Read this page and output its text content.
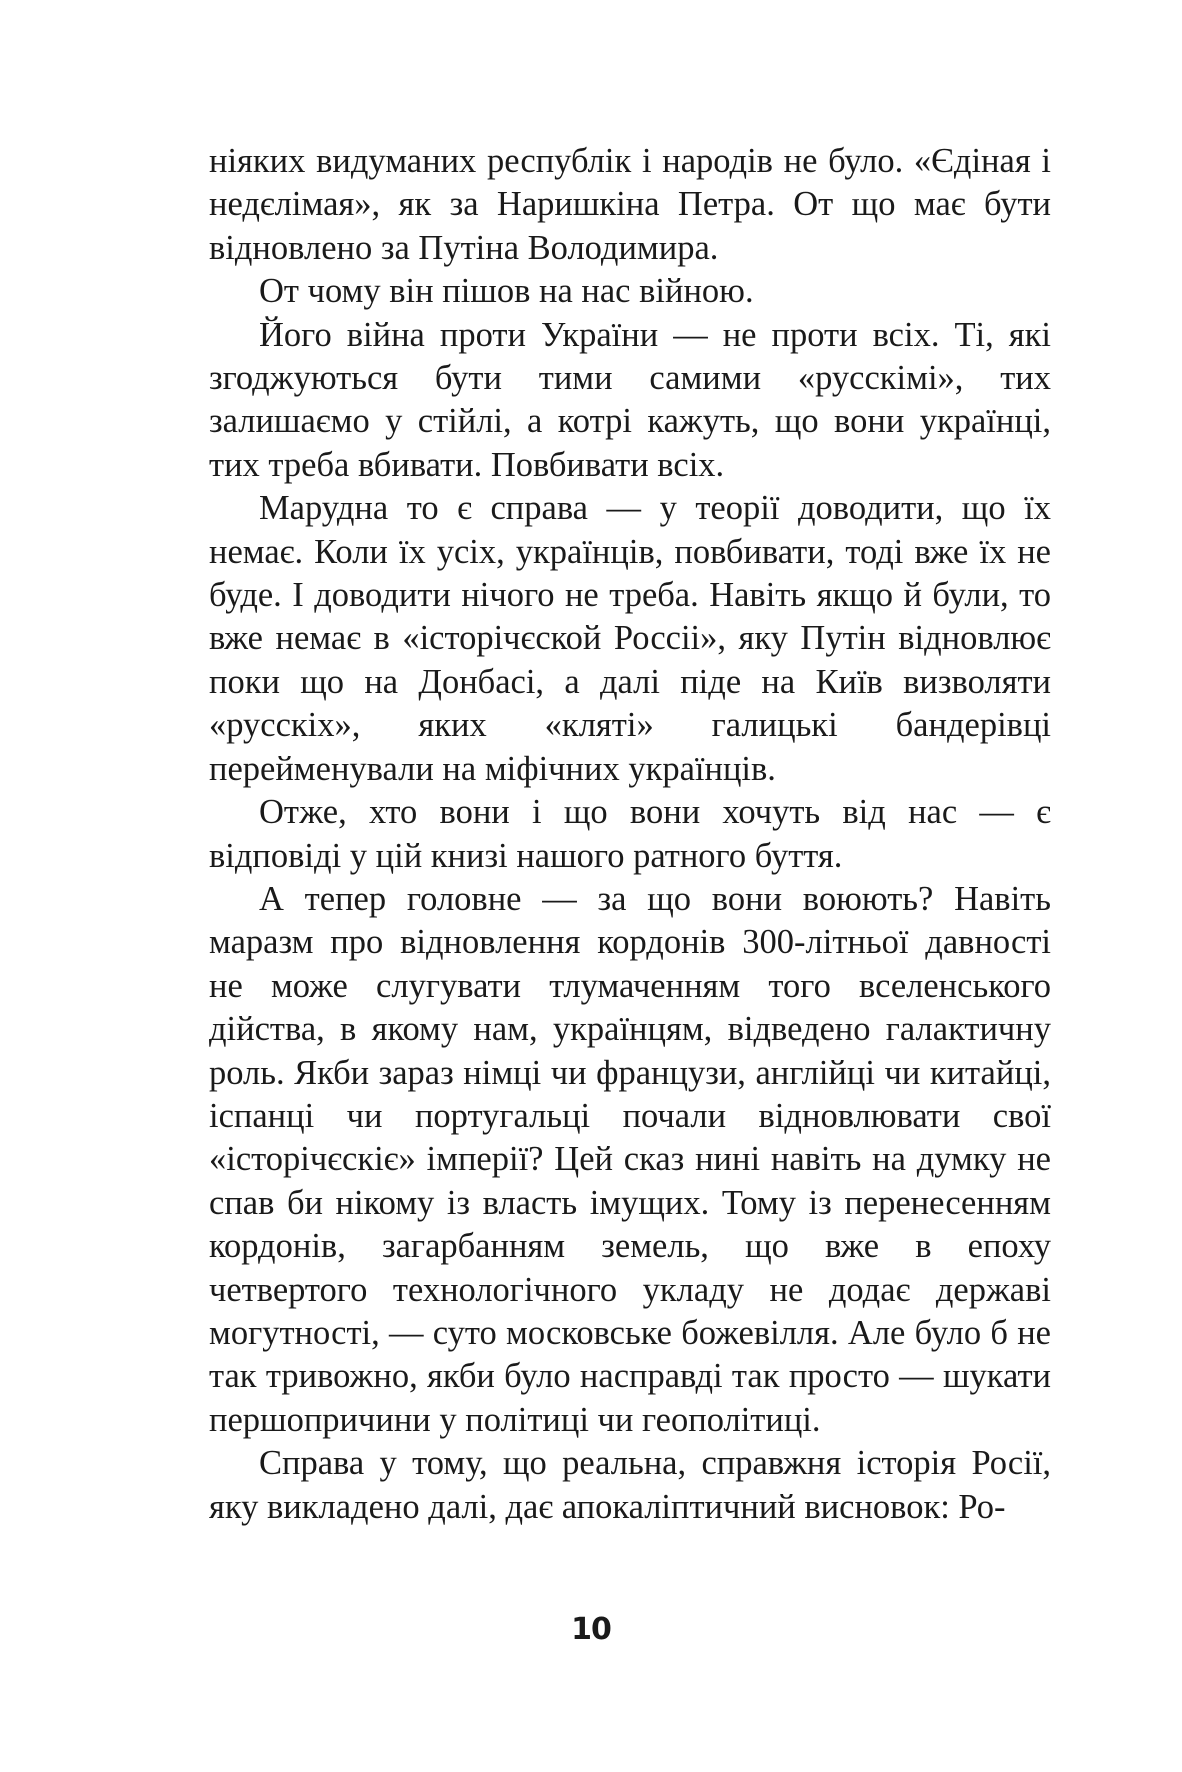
ніяких видуманих республік і народів не було. «Єдіная і недєлімая», як за Наришкіна Петра. От що має бути відновлено за Путіна Володимира.

От чому він пішов на нас війною.

Його війна проти України — не проти всіх. Ті, які згоджуються бути тими самими «русскімі», тих залишаємо у стійлі, а котрі кажуть, що вони українці, тих треба вбивати. Повбивати всіх.

Марудна то є справа — у теорії доводити, що їх немає. Коли їх усіх, українців, повбивати, тоді вже їх не буде. І доводити нічого не треба. Навіть якщо й були, то вже немає в «історічєской Россіі», яку Путін відновлює поки що на Донбасі, а далі піде на Київ визволяти «русскіх», яких «кляті» галицькі бандерівці перейменували на міфічних українців.

Отже, хто вони і що вони хочуть від нас — є відповіді у цій книзі нашого ратного буття.

А тепер головне — за що вони воюють? Навіть маразм про відновлення кордонів 300-літньої давності не може слугувати тлумаченням того вселенського дійства, в якому нам, українцям, відведено галактичну роль. Якби зараз німці чи французи, англійці чи китайці, іспанці чи португальці почали відновлювати свої «історічєскіє» імперії? Цей сказ нині навіть на думку не спав би нікому із власть імущих. Тому із перенесенням кордонів, загарбанням земель, що вже в епоху четвертого технологічного укладу не додає державі могутності, — суто московське божевілля. Але було б не так тривожно, якби було насправді так просто — шукати першопричини у політиці чи геополітиці.

Справа у тому, що реальна, справжня історія Росії, яку викладено далі, дає апокаліптичний висновок: Ро-

10
